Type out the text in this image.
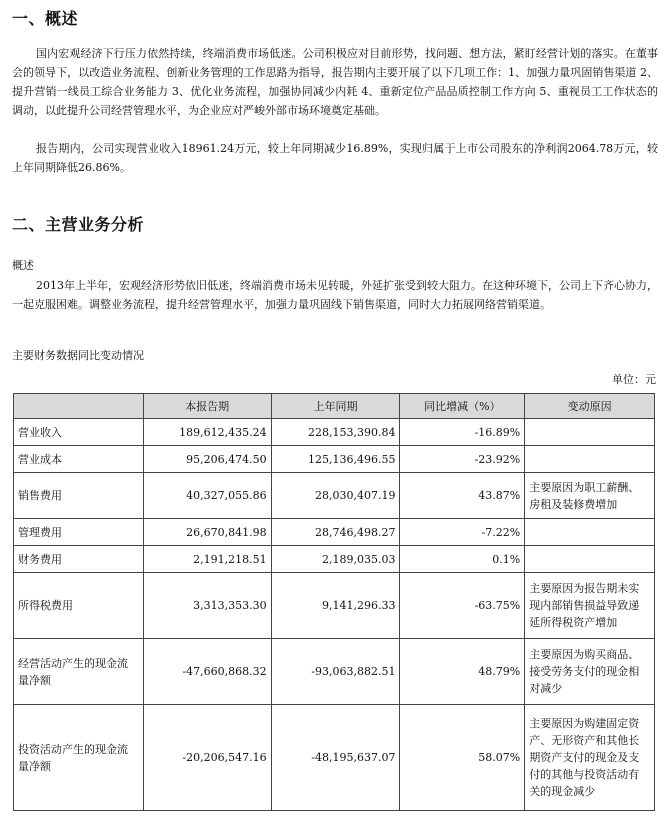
一、概述
国内宏观经济下行压力依然持续，终端消费市场低迷。公司积极应对目前形势，找问题、想方法，紧盯经营计划的落实。在董事会的领导下，以改造业务流程、创新业务管理的工作思路为指导，报告期内主要开展了以下几项工作：1、加强力量巩固销售渠道 2、提升营销一线员工综合业务能力 3、优化业务流程，加强协同减少内耗 4、重新定位产品品质控制工作方向 5、重视员工工作状态的调动，以此提升公司经营管理水平，为企业应对严峻外部市场环境奠定基础。
报告期内，公司实现营业收入18961.24万元，较上年同期减少16.89%，实现归属于上市公司股东的净利润2064.78万元，较上年同期降低26.86%。
二、主营业务分析
概述
2013年上半年，宏观经济形势依旧低迷，终端消费市场未见转暖，外延扩张受到较大阻力。在这种环境下，公司上下齐心协力，一起克服困难。调整业务流程，提升经营管理水平，加强力量巩固线下销售渠道，同时大力拓展网络营销渠道。
主要财务数据同比变动情况
单位：元
	本报告期	上年同期	同比增减（%）	变动原因
营业收入	189,612,435.24	228,153,390.84	-16.89%	
营业成本	95,206,474.50	125,136,496.55	-23.92%	
销售费用	40,327,055.86	28,030,407.19	43.87%	主要原因为职工薪酬、房租及装修费增加
管理费用	26,670,841.98	28,746,498.27	-7.22%	
财务费用	2,191,218.51	2,189,035.03	0.1%	
所得税费用	3,313,353.30	9,141,296.33	-63.75%	主要原因为报告期未实现内部销售损益导致递延所得税资产增加
经营活动产生的现金流量净额	-47,660,868.32	-93,063,882.51	48.79%	主要原因为购买商品、接受劳务支付的现金相对减少
投资活动产生的现金流量净额	-20,206,547.16	-48,195,637.07	58.07%	主要原因为购建固定资产、无形资产和其他长期资产支付的现金及支付的其他与投资活动有关的现金减少
